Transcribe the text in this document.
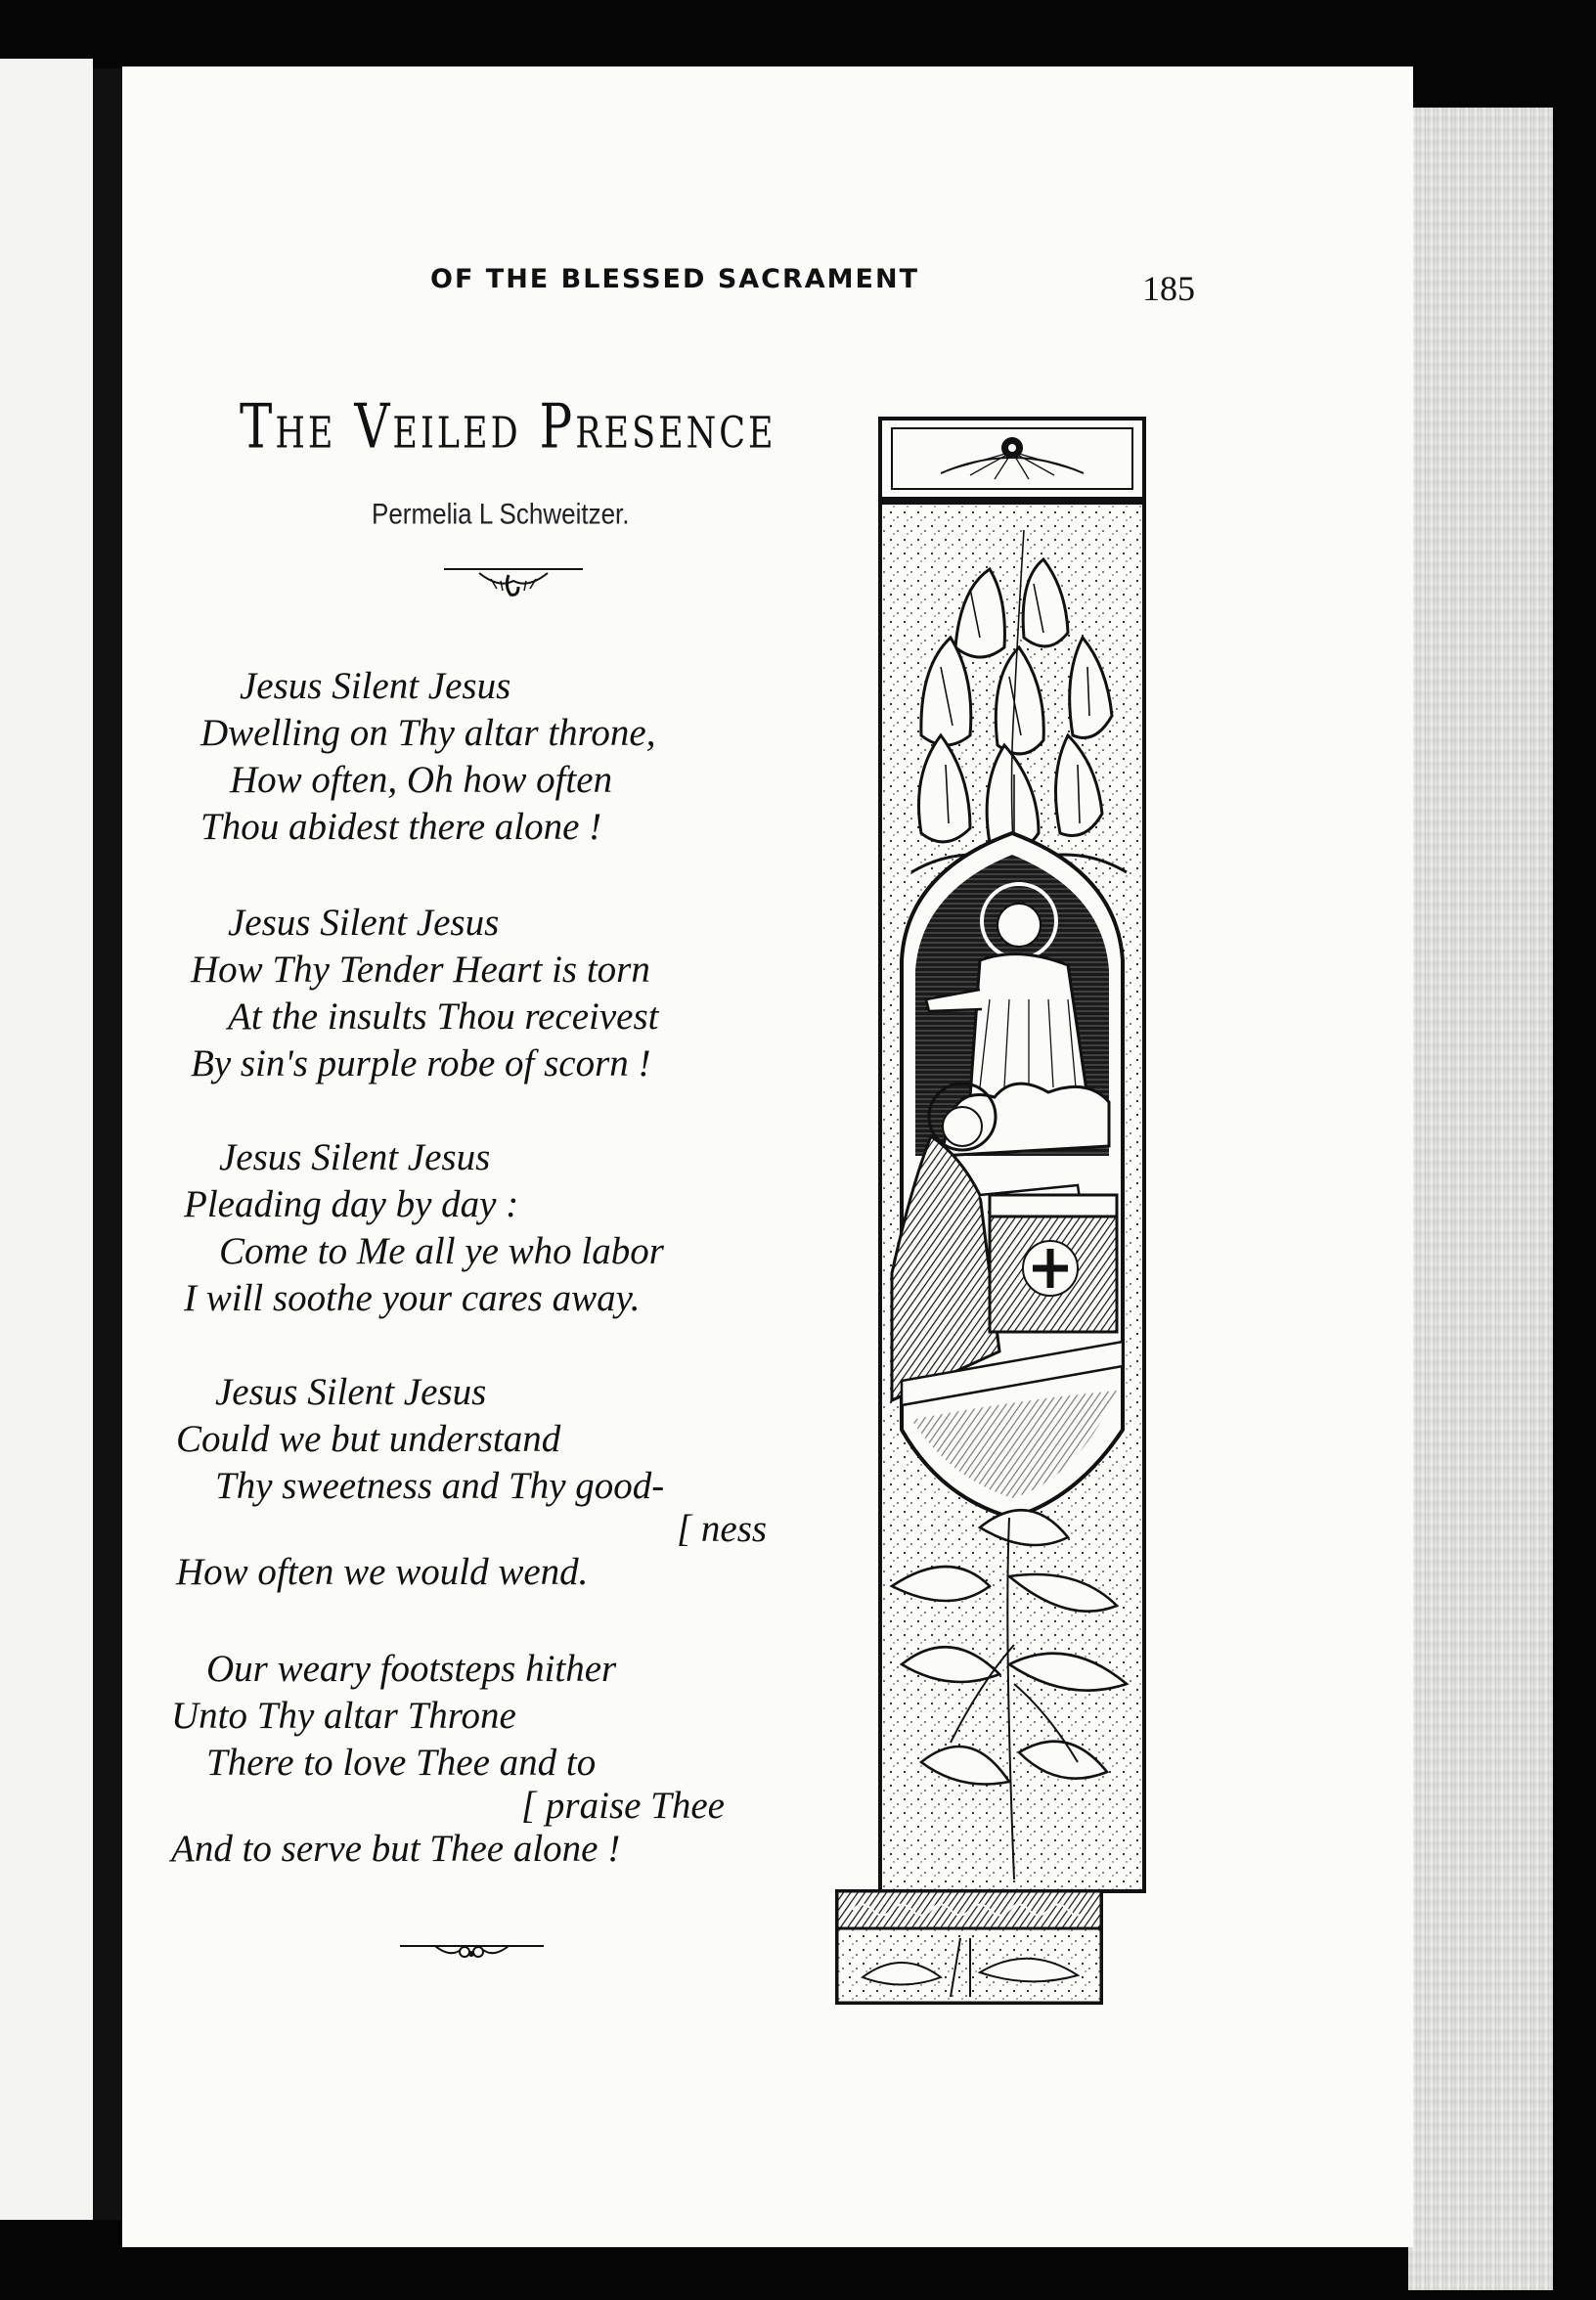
OF THE BLESSED SACRAMENT	185
The Veiled Presence
Permelia L Schweitzer.
Jesus Silent Jesus
Dwelling on Thy altar throne,
How often, Oh how often
Thou abidest there alone !
Jesus Silent Jesus
How Thy Tender Heart is torn
At the insults Thou receivest
By sin's purple robe of scorn !
Jesus Silent Jesus
Pleading day by day :
Come to Me all ye who labor
I will soothe your cares away.
Jesus Silent Jesus
Could we but understand
Thy sweetness and Thy good-
[ ness
How often we would wend.
Our weary footsteps hither
Unto Thy altar Throne
There to love Thee and to
[ praise Thee
And to serve but Thee alone !
